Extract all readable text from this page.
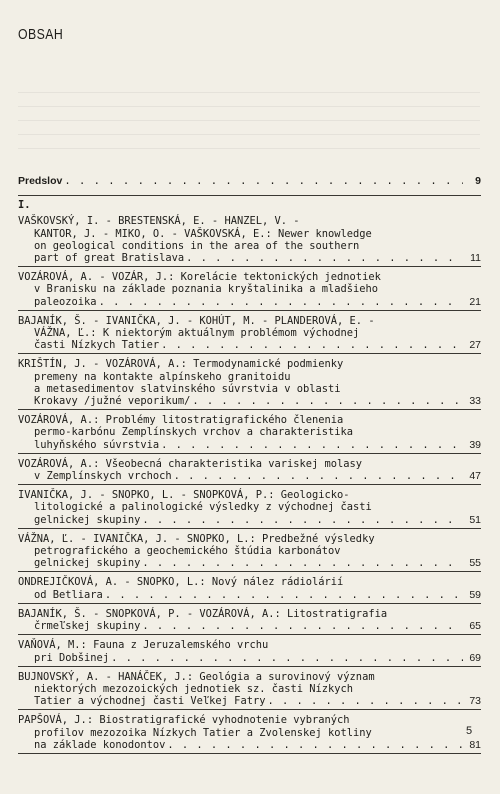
OBSAH
Predslov . . .	9
I.
VAŠKOVSKÝ, I. - BRESTENSKÁ, E. - HANZEL, V. -
KANTOR, J. - MIKO, O. - VAŠKOVSKÁ, E.: Newer knowledge
on geological conditions in the area of the southern
part of great Bratislava . . .	11
VOZÁROVÁ, A. - VOZÁR, J.: Korelácie tektonických jednotiek
v Branisku na základe poznania kryštalinika a mladšieho
paleozoika . . .	21
BAJANÍK, Š. - IVANIČKA, J. - KOHÚT, M. - PLANDEROVÁ, E. -
VÁŽNA, Ľ.: K niektorým aktuálnym problémom východnej
časti Nízkych Tatier . . .	27
KRIŠTÍN, J. - VOZÁROVÁ, A.: Termodynamické podmienky
premeny na kontakte alpínskeho granitoidu
a metasedimentov slatvinského súvrstvia v oblasti
Krokavy /južné veporikum/ . . .	33
VOZÁROVÁ, A.: Problémy litostratigrafického členenia
permo-karbónu Zemplínskych vrchov a charakteristika
luhyňského súvrstvia . . .	39
VOZÁROVÁ, A.: Všeobecná charakteristika variskej molasy
v Zemplínskych vrchoch . . .	47
IVANIČKA, J. - SNOPKO, L. - SNOPKOVÁ, P.: Geologicko-
litologické a palinologické výsledky z východnej časti
gelnickej skupiny . . .	51
VÁŽNA, Ľ. - IVANIČKA, J. - SNOPKO, L.: Predbežné výsledky
petrografického a geochemického štúdia karbonátov
gelnickej skupiny . . .	55
ONDREJIČKOVÁ, A. - SNOPKO, L.: Nový nález rádiolárií
od Betliara . . .	59
BAJANÍK, Š. - SNOPKOVÁ, P. - VOZÁROVÁ, A.: Litostratigrafia
črmeľskej skupiny . . .	65
VAŇOVÁ, M.: Fauna z Jeruzalemského vrchu
pri Dobšinej . . .	69
BUJNOVSKÝ, A. - HANÁČEK, J.: Geológia a surovinový význam
niektorých mezozoických jednotiek sz. časti Nízkych
Tatier a východnej časti Veľkej Fatry . . .	73
PAPŠOVÁ, J.: Biostratigrafické vyhodnotenie vybraných
profilov mezozoika Nízkych Tatier a Zvolenskej kotliny
na základe konodontov . . .	81
5
